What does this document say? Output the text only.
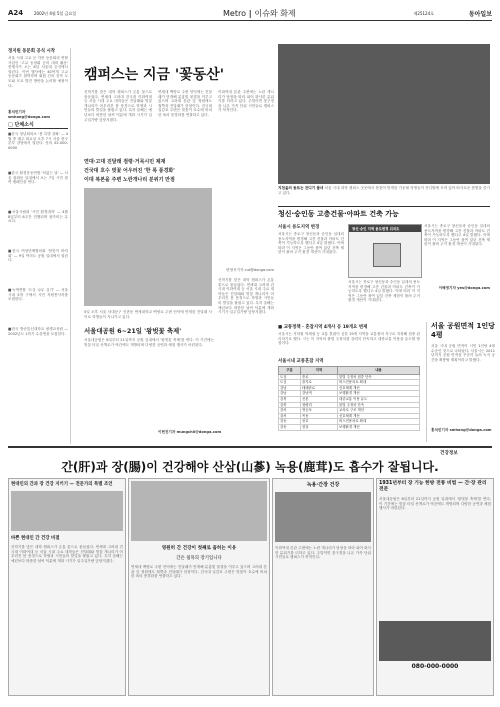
A24	2002년 4월 5일 금요일	Metro | 이슈와 화제	제25124호	동아일보
정지원 동문회 공식 시작
서울 시내 고교 등 각종 동문회의 연합 사업인 '고교 동창회 등의 대외 활동' 봄행사가 오는 6일 서울대 등지에서 열린다. 이번 행사에는 40여개 고교 동문회가 참여하며 회원 간의 친목 도모와 모교 발전 방안을 논의할 예정이다.
홍석민기자 smhong@donga.com
□ 단체소식
■한국 청년회의소 '봄 특별 강좌' — 4월 중 매주 화요일 오후 7시 서울 중구 본부 강당에서 열린다. 문의 02-000-0000
■한국 환경운동연합 '차없는 날' — 서울 광화문 일대에서 오는 7일 시민 참여 캠페인을 연다.
■서울시립대 '시민 환경대학' — 4월 8일부터 6주간 진행되며 참가비는 무료다.
■한국 여성단체협의회 '봄맞이 바자회' — 9일 여의도 공원 일대에서 열린다.
■녹색연합 '도심 나무 심기' — 서울 시내 5개 구에서 시민 자원봉사자를 모집한다.
■한국 방송통신대학교 평생교육원 — 2002년도 1학기 수강생을 모집한다.
캠퍼스는 지금 '꽃동산'
지천을의 동트는 잔디기 봄녀 서울 시내 대학 캠퍼스 곳곳에서 봄꽃이 만개한 가운데 학생들이 잔디밭에 모여 앉아 따사로운 봄볕을 즐기고 있다.
신학기를 맞은 대학 캠퍼스가 온통 꽃으로 물들었다. 연세대 고려대 건국대 이화여대 등 서울 시내 주요 대학들은 진달래와 벚꽃 개나리가 어우러진 봄 풍경으로 학생과 시민들의 발길을 붙잡고 있다. 특히 올해는 예년보다 따뜻한 날씨 덕분에 개화 시기가 일주일가량 앞당겨졌다.
연세대 백양로 주변 언덕에는 진달래가 만개해 분홍빛 물결을 이루고 있으며 고려대 본관 앞 정원에도 철쭉과 진달래가 한창이다. 건국대 일감호 주변은 벚꽃이 호수에 비쳐 한 폭의 풍경화를 연출하고 있다.
이화여대 본관 주변에는 노란 개나리가 담장을 따라 피어 화사한 분위기를 더하고 있다. 주말이면 꽃구경을 나온 가족 단위 시민들로 캠퍼스가 북적인다.
연대·고대 진달래 점령·거목시민 제재
건국대 호수 벚꽃 어우러진 '한 폭 풍경화'
이대 복본을 주변 노란개나리 분위기 만점
5일 오후 서울 서대문구 신촌동 연세대학교 백양로 주변 언덕에 만개한 진달래 사이로 학생들이 지나가고 있다.
변영욱기자 cut@donga.com
서울대공원 6~21일 '왕벚꽃 축제'
서울대공원은 6일부터 21일까지 공원 일대에서 '왕벚꽃 축제'를 연다. 이 기간에는 벚꽃 터널 산책로가 야간에도 개방되며 다양한 공연과 체험 행사가 마련된다.
신학기를 맞은 대학 캠퍼스가 온통 꽃으로 물들었다. 연세대 고려대 건국대 이화여대 등 서울 시내 주요 대학들은 진달래와 벚꽃 개나리가 어우러진 봄 풍경으로 학생과 시민들의 발길을 붙잡고 있다. 특히 올해는 예년보다 따뜻한 날씨 덕분에 개화 시기가 일주일가량 앞당겨졌다.
이헌진기자 mungchii@donga.com
청신·숭인동 고층건물·아파트 건축 가능
서울시 용도지역 변경
서울시는 종로구 창신동과 숭인동 일대의 용도지역을 변경해 고층 건물과 아파트 건축이 가능하도록 했다고 4일 밝혔다. 이에 따라 이 지역은 그동안 묶여 있던 건축 제한이 풀려 주거 환경 개선이 기대된다.
창신·숭인 지역 용도변경 위치도
서울시는 종로구 창신동과 숭인동 일대의 용도지역을 변경해 고층 건물과 아파트 건축이 가능하도록 했다고 4일 밝혔다. 이에 따라 이 지역은 그동안 묶여 있던 건축 제한이 풀려 주거 환경 개선이 기대된다.
서울시는 종로구 창신동과 숭인동 일대의 용도지역을 변경해 고층 건물과 아파트 건축이 가능하도록 했다고 4일 밝혔다. 이에 따라 이 지역은 그동안 묶여 있던 건축 제한이 풀려 주거 환경 개선이 기대된다.
이해영기자 yes@donga.com
■ 교통정책 · 혼잡지역 4개사 등 19개요 변제
서울시는 지하철 역세권 등 교통 혼잡이 심한 19개 지역을 교통정비 지구로 지정해 집중 관리하기로 했다. 시는 이 지역의 불법 주정차를 강력히 단속하고 대중교통 이용을 유도할 방침이다.
서울시내 교통혼잡 지역
구분	지역	내용
도심	종로	불법 주정차 집중 단속
도심	을지로	버스전용차로 확대
강남	테헤란로	신호체계 개선
강남	강남역	보행환경 개선
강북	신촌	대중교통 이용 유도
강북	청량리	불법 주정차 단속
강서	영등포	교차로 구조 개선
강서	목동	신호체계 개선
강동	천호	버스전용차로 확대
강동	잠실	보행환경 개선
서울 공원면적 1인당 4평
서울 시내 공원 면적이 시민 1인당 4평 수준인 것으로 나타났다. 서울시는 2011년까지 공원 면적을 꾸준히 늘려 녹지 공간을 확충할 계획이라고 밝혔다.
홍석민기자 smhong@donga.com
건강정보
간(肝)과 장(腸)이 건강해야 산삼(山蔘) 녹용(鹿茸)도 흡수가 잘됩니다.
현대인의 간과 장 건강 지키기 — 전문가의 특별 조언
바쁜 현대인 간 건강 비결
신학기를 맞은 대학 캠퍼스가 온통 꽃으로 물들었다. 연세대 고려대 건국대 이화여대 등 서울 시내 주요 대학들은 진달래와 벚꽃 개나리가 어우러진 봄 풍경으로 학생과 시민들의 발길을 붙잡고 있다. 특히 올해는 예년보다 따뜻한 날씨 덕분에 개화 시기가 일주일가량 앞당겨졌다.
영원히 간 건강이 첫째로 꼽히는 이유
간은 침묵의 장기입니다
연세대 백양로 주변 언덕에는 진달래가 만개해 분홍빛 물결을 이루고 있으며 고려대 본관 앞 정원에도 철쭉과 진달래가 한창이다. 건국대 일감호 주변은 벚꽃이 호수에 비쳐 한 폭의 풍경화를 연출하고 있다.
녹용·간장 건강
이화여대 본관 주변에는 노란 개나리가 담장을 따라 피어 화사한 분위기를 더하고 있다. 주말이면 꽃구경을 나온 가족 단위 시민들로 캠퍼스가 북적인다.
1931년부터 장 기능 한방 전통 비법 — 간·장 관리 전문
서울대공원은 6일부터 21일까지 공원 일대에서 '왕벚꽃 축제'를 연다. 이 기간에는 벚꽃 터널 산책로가 야간에도 개방되며 다양한 공연과 체험 행사가 마련된다.
080-000-0000
